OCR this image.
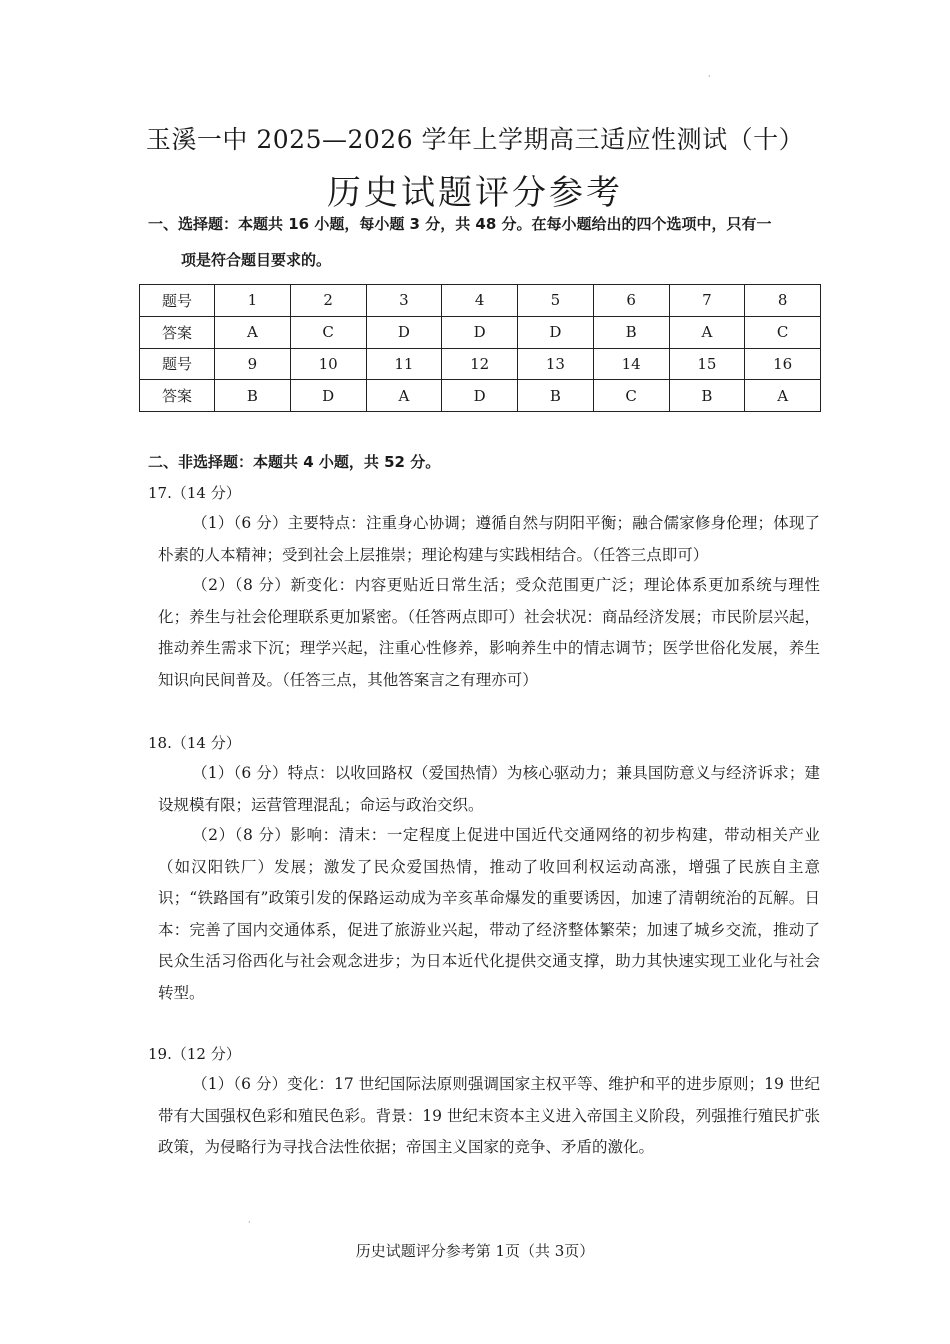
·
·
玉溪一中 2025—2026 学年上学期高三适应性测试（十）
历史试题评分参考
一、选择题：本题共 16 小题，每小题 3 分，共 48 分。在每小题给出的四个选项中，只有一
项是符合题目要求的。
题号	1	2	3	4	5	6	7	8
答案	A	C	D	D	D	B	A	C
题号	9	10	11	12	13	14	15	16
答案	B	D	A	D	B	C	B	A
二、非选择题：本题共 4 小题，共 52 分。
17.（14 分）
（1）（6 分）主要特点：注重身心协调；遵循自然与阴阳平衡；融合儒家修身伦理；体现了朴素的人本精神；受到社会上层推崇；理论构建与实践相结合。（任答三点即可）
（2）（8 分）新变化：内容更贴近日常生活；受众范围更广泛；理论体系更加系统与理性化；养生与社会伦理联系更加紧密。（任答两点即可）社会状况：商品经济发展；市民阶层兴起，推动养生需求下沉；理学兴起，注重心性修养，影响养生中的情志调节；医学世俗化发展，养生知识向民间普及。（任答三点，其他答案言之有理亦可）
18.（14 分）
（1）（6 分）特点：以收回路权（爱国热情）为核心驱动力；兼具国防意义与经济诉求；建设规模有限；运营管理混乱；命运与政治交织。
（2）（8 分）影响：清末：一定程度上促进中国近代交通网络的初步构建，带动相关产业（如汉阳铁厂）发展；激发了民众爱国热情，推动了收回利权运动高涨，增强了民族自主意识；“铁路国有”政策引发的保路运动成为辛亥革命爆发的重要诱因，加速了清朝统治的瓦解。日本：完善了国内交通体系，促进了旅游业兴起，带动了经济整体繁荣；加速了城乡交流，推动了民众生活习俗西化与社会观念进步；为日本近代化提供交通支撑，助力其快速实现工业化与社会转型。
19.（12 分）
（1）（6 分）变化：17 世纪国际法原则强调国家主权平等、维护和平的进步原则；19 世纪带有大国强权色彩和殖民色彩。背景：19 世纪末资本主义进入帝国主义阶段，列强推行殖民扩张政策，为侵略行为寻找合法性依据；帝国主义国家的竞争、矛盾的激化。
历史试题评分参考第 1页（共 3页）
